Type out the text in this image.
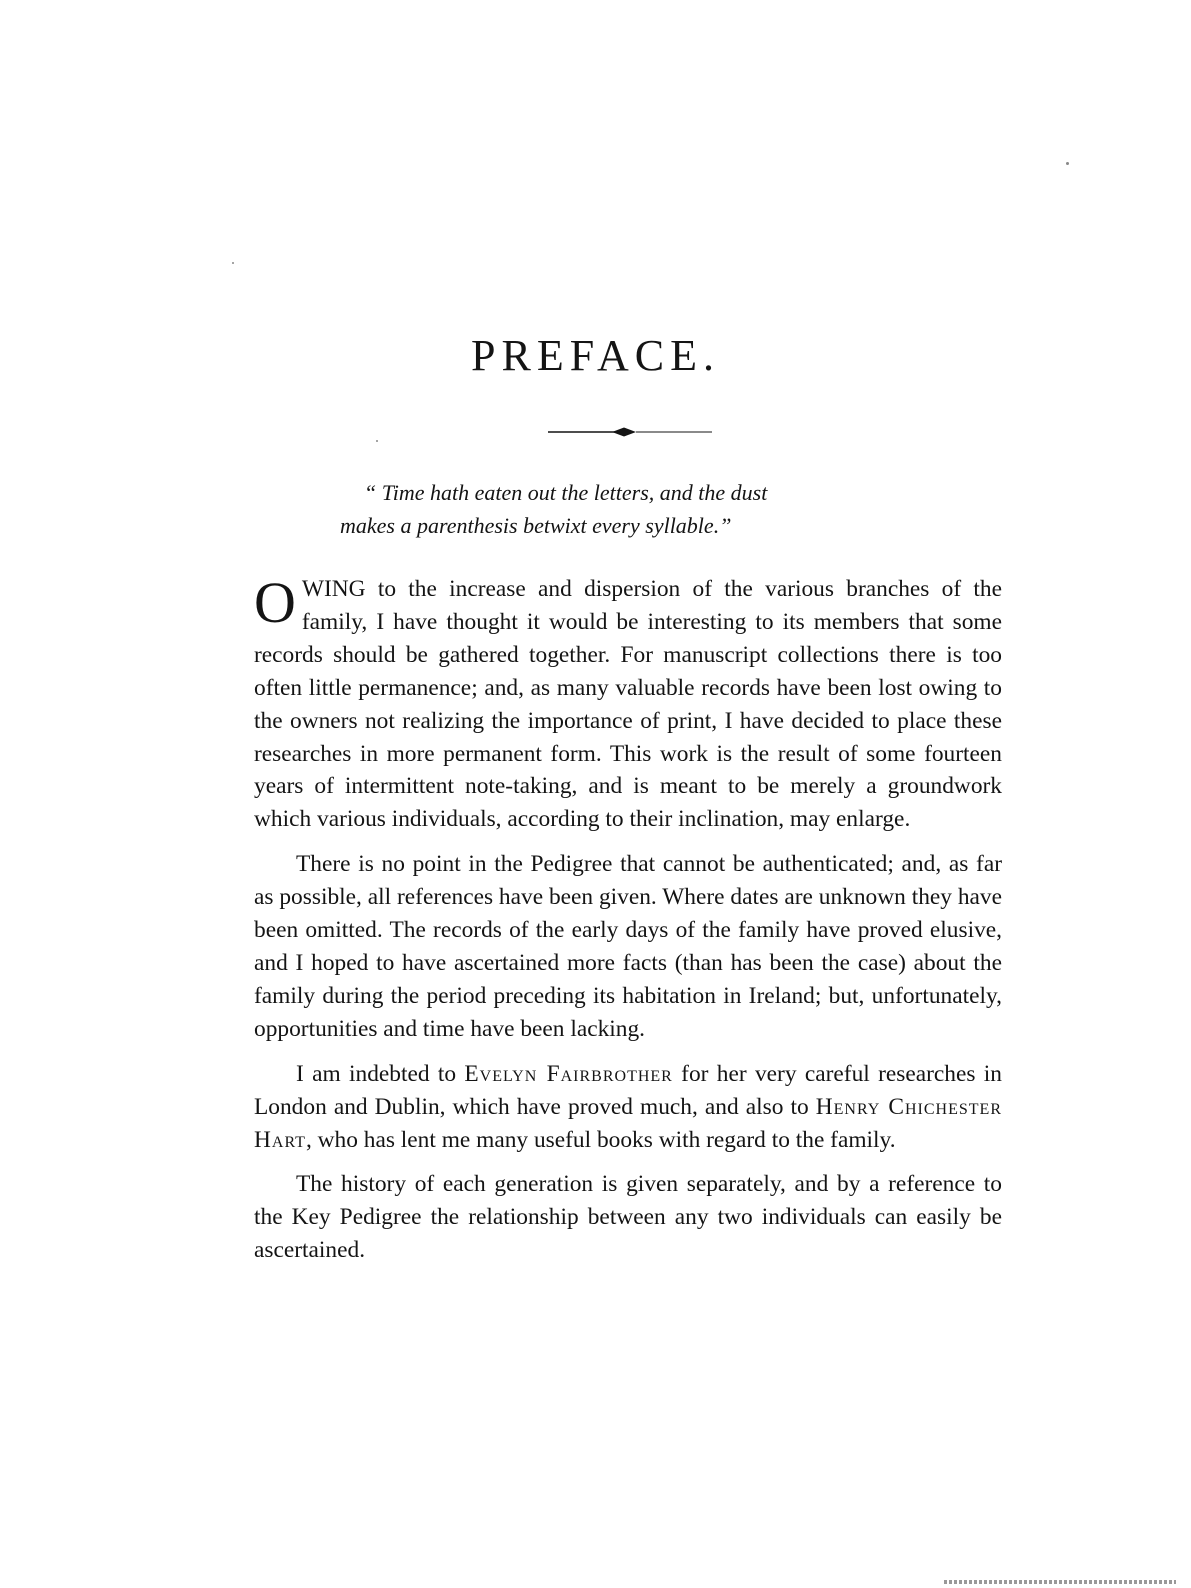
PREFACE.
“ Time hath eaten out the letters, and the dust
makes a parenthesis betwixt every syllable.”

OWING to the increase and dispersion of the various branches of the family, I have thought it would be interesting to its members that some records should be gathered together. For manuscript collections there is too often little permanence; and, as many valuable records have been lost owing to the owners not realizing the importance of print, I have decided to place these researches in more permanent form. This work is the result of some fourteen years of intermittent note-taking, and is meant to be merely a groundwork which various individuals, according to their inclination, may enlarge.

There is no point in the Pedigree that cannot be authenticated; and, as far as possible, all references have been given. Where dates are unknown they have been omitted. The records of the early days of the family have proved elusive, and I hoped to have ascertained more facts (than has been the case) about the family during the period preceding its habitation in Ireland; but, unfortunately, opportunities and time have been lacking.

I am indebted to Evelyn Fairbrother for her very careful researches in London and Dublin, which have proved much, and also to Henry Chichester Hart, who has lent me many useful books with regard to the family.

The history of each generation is given separately, and by a reference to the Key Pedigree the relationship between any two individuals can easily be ascertained.
